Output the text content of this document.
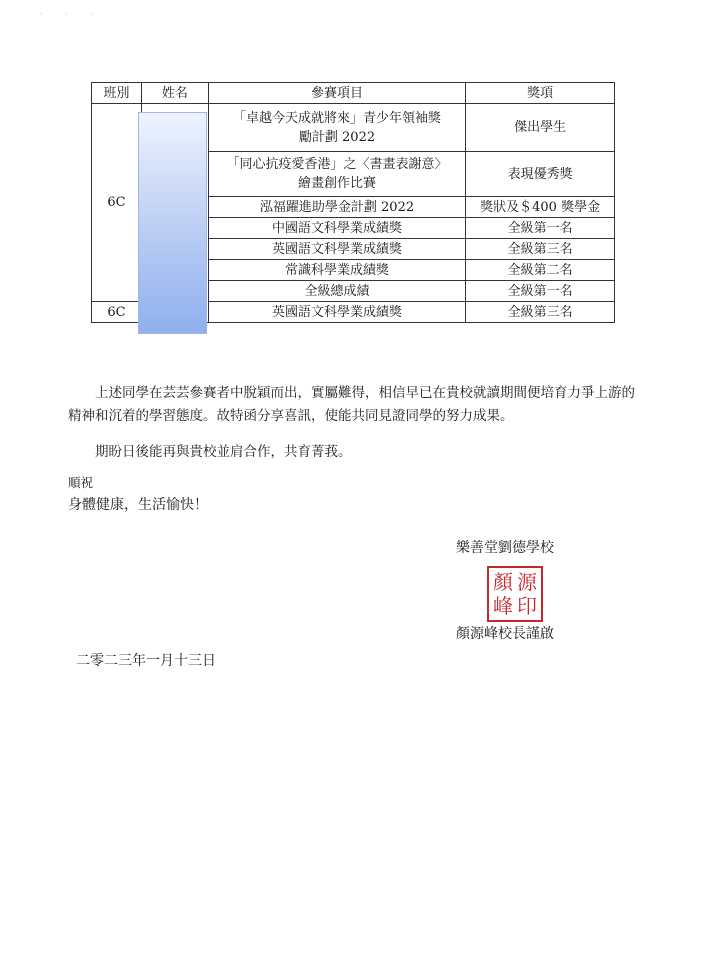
· · ·
班別	姓名	參賽項目	獎項
6C		「卓越今天成就將來」青少年領袖獎勵計劃 2022	傑出學生
		「同心抗疫愛香港」之〈書畫表謝意〉繪畫創作比賽	表現優秀獎
		泓福躍進助學金計劃 2022	獎狀及＄400 獎學金
		中國語文科學業成績獎	全級第一名
		英國語文科學業成績獎	全級第三名
		常識科學業成績獎	全級第二名
		全級總成績	全級第一名
6C		英國語文科學業成績獎	全級第三名
上述同學在芸芸參賽者中脫穎而出，實屬難得，相信早已在貴校就讀期間便培育力爭上游的
精神和沉着的學習態度。故特函分享喜訊，使能共同見證同學的努力成果。
期盼日後能再與貴校並肩合作，共育菁莪。
順祝
身體健康，生活愉快！
樂善堂劉德學校
顏 源
峰 印
顏源峰校長謹啟
二零二三年一月十三日
